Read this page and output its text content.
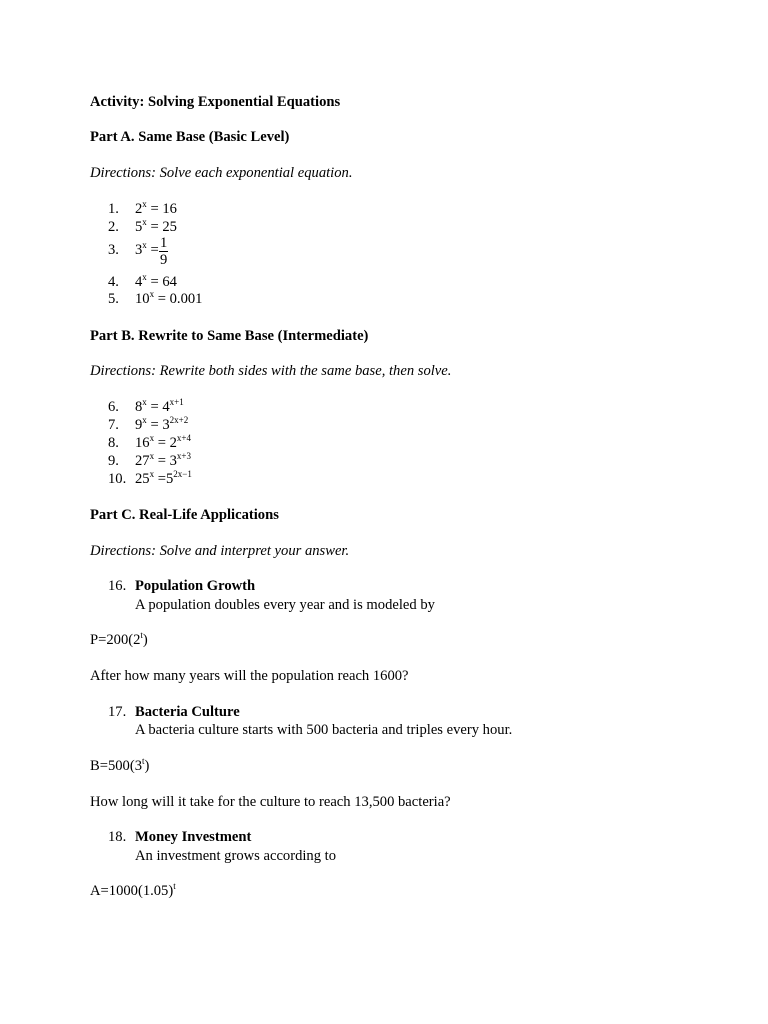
Activity: Solving Exponential Equations
Part A. Same Base (Basic Level)
Directions: Solve each exponential equation.
1. $2^x = 16$
2. $5^x = 25$
3. $3^x = \frac{1}{9}$
4. $4^x = 64$
5. $10^x = 0.001$
Part B. Rewrite to Same Base (Intermediate)
Directions: Rewrite both sides with the same base, then solve.
6. $8^x = 4^{x+1}$
7. $9^x = 3^{2x+2}$
8. $16^x = 2^{x+4}$
9. $27^x = 3^{x+3}$
10. $25^x =5^{2x-1}$
Part C. Real-Life Applications
Directions: Solve and interpret your answer.
16. Population Growth
A population doubles every year and is modeled by
$P=200(2^t)$
After how many years will the population reach 1600?
17. Bacteria Culture
A bacteria culture starts with 500 bacteria and triples every hour.
$B=500(3^t)$
How long will it take for the culture to reach 13,500 bacteria?
18. Money Investment
An investment grows according to
$A=1000(1.05)^t$
